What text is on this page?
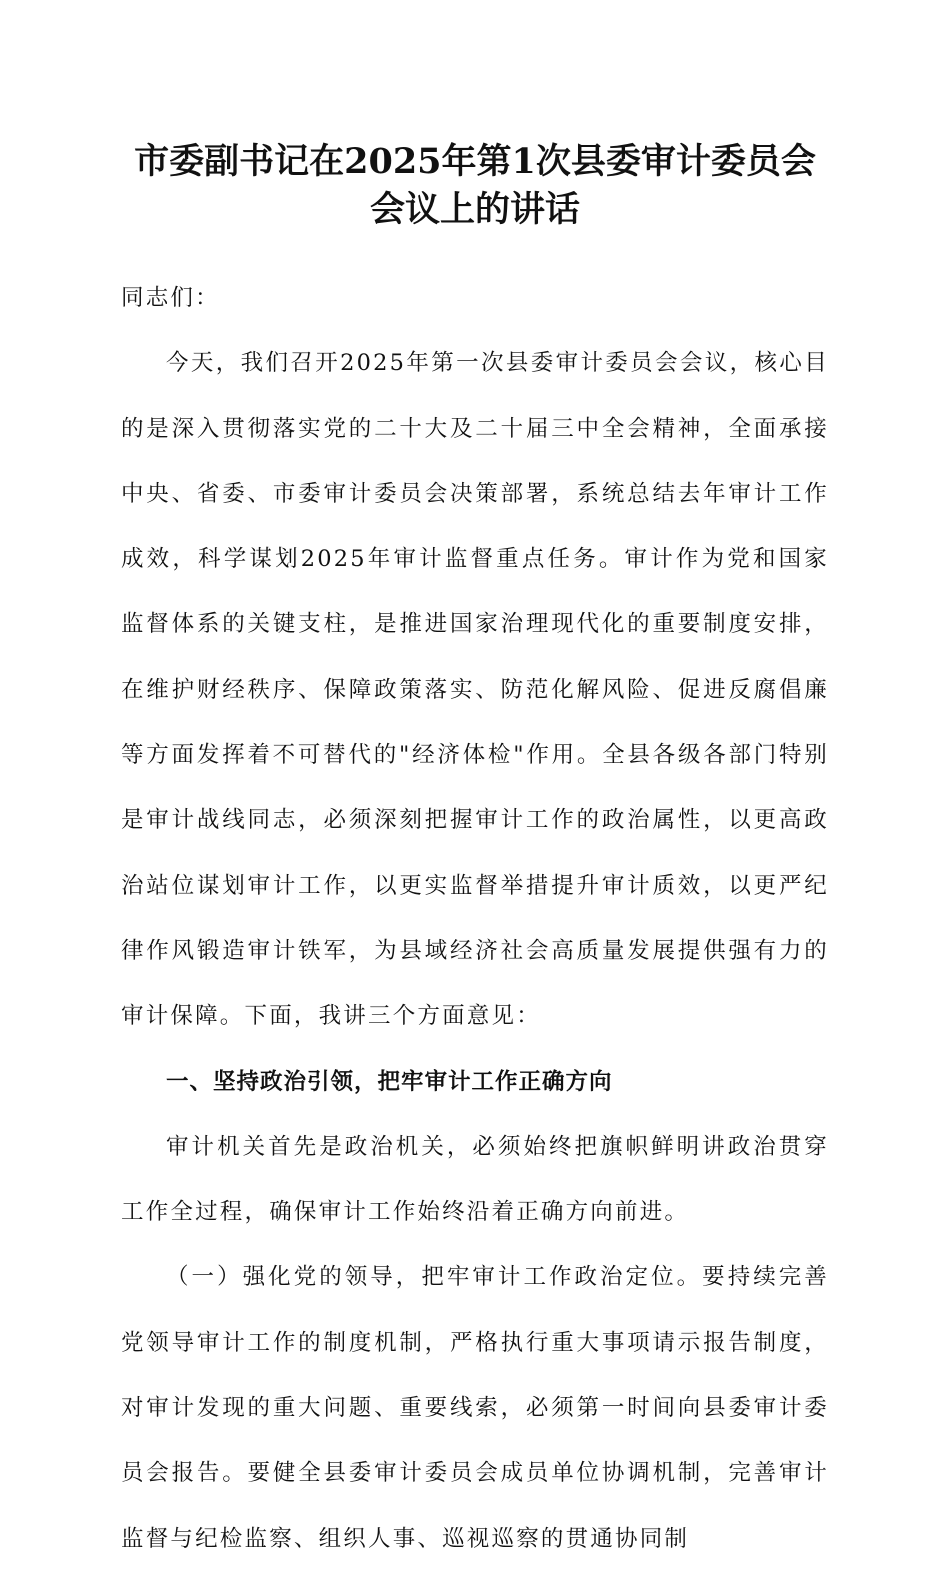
市委副书记在2025年第1次县委审计委员会
会议上的讲话

同志们：

今天，我们召开2025年第一次县委审计委员会会议，核心目的是深入贯彻落实党的二十大及二十届三中全会精神，全面承接中央、省委、市委审计委员会决策部署，系统总结去年审计工作成效，科学谋划2025年审计监督重点任务。审计作为党和国家监督体系的关键支柱，是推进国家治理现代化的重要制度安排，在维护财经秩序、保障政策落实、防范化解风险、促进反腐倡廉等方面发挥着不可替代的"经济体检"作用。全县各级各部门特别是审计战线同志，必须深刻把握审计工作的政治属性，以更高政治站位谋划审计工作，以更实监督举措提升审计质效，以更严纪律作风锻造审计铁军，为县域经济社会高质量发展提供强有力的审计保障。下面，我讲三个方面意见：

一、坚持政治引领，把牢审计工作正确方向

审计机关首先是政治机关，必须始终把旗帜鲜明讲政治贯穿工作全过程，确保审计工作始终沿着正确方向前进。

（一）强化党的领导，把牢审计工作政治定位。要持续完善党领导审计工作的制度机制，严格执行重大事项请示报告制度，对审计发现的重大问题、重要线索，必须第一时间向县委审计委员会报告。要健全县委审计委员会成员单位协调机制，完善审计监督与纪检监察、组织人事、巡视巡察的贯通协同制
